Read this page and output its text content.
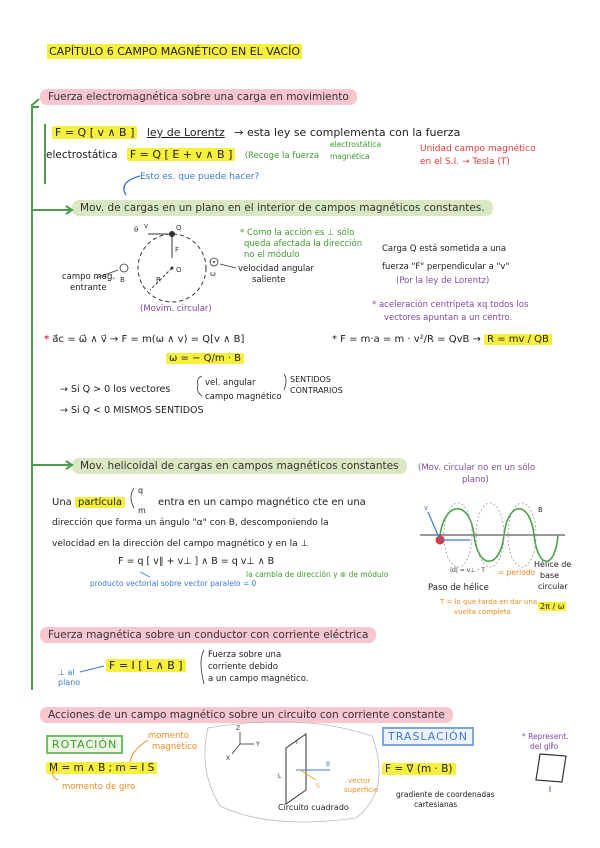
CAPÍTULO 6 CAMPO MAGNÉTICO EN EL VACÍO
Fuerza electromagnética sobre una carga en movimiento
F = Q [ v ∧ B ] ley de Lorentz → esta ley se complementa con la fuerza
electrostática F = Q [ E + v ∧ B ] (Recoge la fuerza
electrostática
magnética
Unidad campo magnético
en el S.I. → Tesla (T)
Esto es. que puede hacer?
Mov. de cargas en un plano en el interior de campos magnéticos constantes.
* Como la acción es ⊥ sólo
queda afectada la dirección
no el módulo
campo mag.
entrante
velocidad angular
saliente
Carga Q está sometida a una
fuerza "F" perpendicular a "v"
(Por la ley de Lorentz)
(Movim. circular)	* aceleración centrípeta xq todos los
vectores apuntan a un centro.
* a⃗c = ω⃗ ∧ v⃗ → F = m(ω ∧ v) = Q[v ∧ B]	* F = m·a = m · v²/R = QvB → R = mv / QB
ω = − Q/m · B
→ Si Q > 0 los vectores
vel. angular
campo magnético
SENTIDOS
CONTRARIOS
→ Si Q < 0 MISMOS SENTIDOS
Mov. helicoidal de cargas en campos magnéticos constantes	(Mov. circular no en un sólo
plano)
Una partícula
q
m
entra en un campo magnético cte en una
dirección que forma un ángulo "α" con B, descomponiendo la
velocidad en la dirección del campo magnético y en la ⊥
F = q [ v∥ + v⊥ ] ∧ B = q v⊥ ∧ B
producto vectorial sobre vector paralelo = 0
la cambia de dirección y ⊗ de módulo
Paso de hélice
Hélice de
base
circular
= periodo
T = lo que tarda en dar una
vuelta completa
2π / ω
Fuerza magnética sobre un conductor con corriente eléctrica
⊥ al
plano
F = I [ L ∧ B ]
Fuerza sobre una
corriente debido
a un campo magnético.
Acciones de un campo magnético sobre un circuito con corriente constante
ROTACIÓN
momento
magnético
M = m ∧ B ; m = I S
momento de giro
Circuito cuadrado
vector
superficie
TRASLACIÓN
F = ∇ (m · B)
gradiente de coordenadas
cartesianas
* Represent.
del giro
Q
v
O
R
F
θ
B
ω
v	B
|d| = v⊥ · T
Z
Y
X
I
L
B
S
